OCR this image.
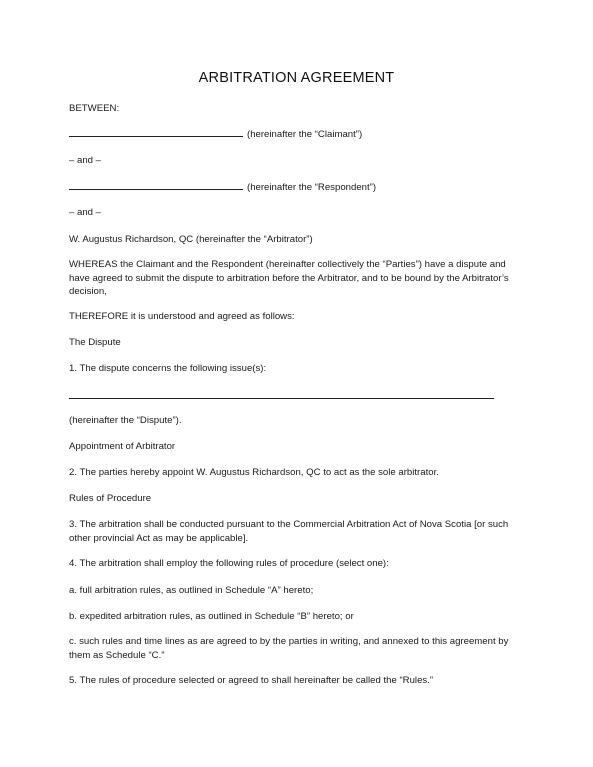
ARBITRATION AGREEMENT
BETWEEN:
(hereinafter the “Claimant”)
– and –
(hereinafter the “Respondent”)
– and –
W. Augustus Richardson, QC (hereinafter the “Arbitrator”)
WHEREAS the Claimant and the Respondent (hereinafter collectively the “Parties”) have a dispute and have agreed to submit the dispute to arbitration before the Arbitrator, and to be bound by the Arbitrator’s decision,
THEREFORE it is understood and agreed as follows:
The Dispute
1. The dispute concerns the following issue(s):
(hereinafter the “Dispute”).
Appointment of Arbitrator
2. The parties hereby appoint W. Augustus Richardson, QC to act as the sole arbitrator.
Rules of Procedure
3. The arbitration shall be conducted pursuant to the Commercial Arbitration Act of Nova Scotia [or such other provincial Act as may be applicable].
4. The arbitration shall employ the following rules of procedure (select one):
a. full arbitration rules, as outlined in Schedule “A” hereto;
b. expedited arbitration rules, as outlined in Schedule “B” hereto; or
c. such rules and time lines as are agreed to by the parties in writing, and annexed to this agreement by them as Schedule “C.”
5. The rules of procedure selected or agreed to shall hereinafter be called the “Rules.”
